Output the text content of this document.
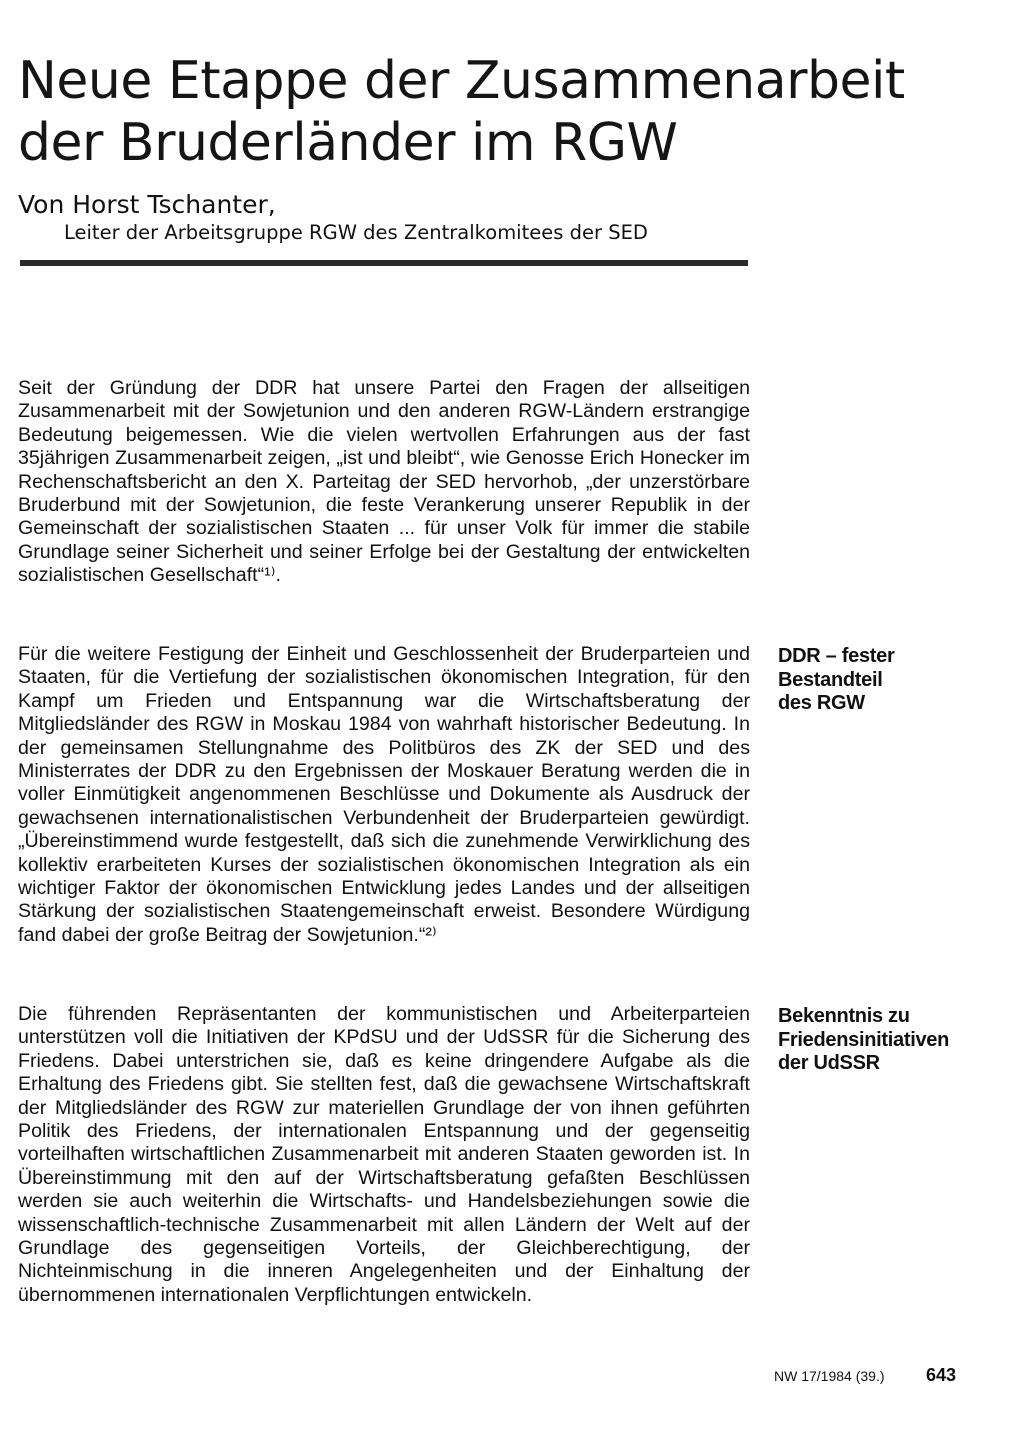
Neue Etappe der Zusammenarbeit
der Bruderländer im RGW
Von Horst Tschanter,
Leiter der Arbeitsgruppe RGW des Zentralkomitees der SED

Seit der Gründung der DDR hat unsere Partei den Fragen der allseitigen Zusammenarbeit mit der Sowjetunion und den anderen RGW-Ländern erstrangige Bedeutung beigemessen. Wie die vielen wertvollen Erfahrungen aus der fast 35jährigen Zusammenarbeit zeigen, „ist und bleibt“, wie Genosse Erich Honecker im Rechenschaftsbericht an den X. Parteitag der SED hervorhob, „der unzerstörbare Bruderbund mit der Sowjetunion, die feste Verankerung unserer Republik in der Gemeinschaft der sozialistischen Staaten ... für unser Volk für immer die stabile Grundlage seiner Sicherheit und seiner Erfolge bei der Gestaltung der entwickelten sozialistischen Gesellschaft“¹⁾.

Für die weitere Festigung der Einheit und Geschlossenheit der Bruderparteien und Staaten, für die Vertiefung der sozialistischen ökonomischen Integration, für den Kampf um Frieden und Entspannung war die Wirtschaftsberatung der Mitgliedsländer des RGW in Moskau 1984 von wahrhaft historischer Bedeutung. In der gemeinsamen Stellungnahme des Politbüros des ZK der SED und des Ministerrates der DDR zu den Ergebnissen der Moskauer Beratung werden die in voller Einmütigkeit angenommenen Beschlüsse und Dokumente als Ausdruck der gewachsenen internationalistischen Verbundenheit der Bruderparteien gewürdigt. „Übereinstimmend wurde festgestellt, daß sich die zunehmende Verwirklichung des kollektiv erarbeiteten Kurses der sozialistischen ökonomischen Integration als ein wichtiger Faktor der ökonomischen Entwicklung jedes Landes und der allseitigen Stärkung der sozialistischen Staatengemeinschaft erweist. Besondere Würdigung fand dabei der große Beitrag der Sowjetunion.“²⁾

Die führenden Repräsentanten der kommunistischen und Arbeiterparteien unterstützen voll die Initiativen der KPdSU und der UdSSR für die Sicherung des Friedens. Dabei unterstrichen sie, daß es keine dringendere Aufgabe als die Erhaltung des Friedens gibt. Sie stellten fest, daß die gewachsene Wirtschaftskraft der Mitgliedsländer des RGW zur materiellen Grundlage der von ihnen geführten Politik des Friedens, der internationalen Entspannung und der gegenseitig vorteilhaften wirtschaftlichen Zusammenarbeit mit anderen Staaten geworden ist. In Übereinstimmung mit den auf der Wirtschaftsberatung gefaßten Beschlüssen werden sie auch weiterhin die Wirtschafts- und Handelsbeziehungen sowie die wissenschaftlich-technische Zusammenarbeit mit allen Ländern der Welt auf der Grundlage des gegenseitigen Vorteils, der Gleichberechtigung, der Nichteinmischung in die inneren Angelegenheiten und der Einhaltung der übernommenen internationalen Verpflichtungen entwickeln.

DDR – fester
Bestandteil
des RGW
Bekenntnis zu
Friedensinitiativen
der UdSSR
NW 17/1984 (39.) 643
